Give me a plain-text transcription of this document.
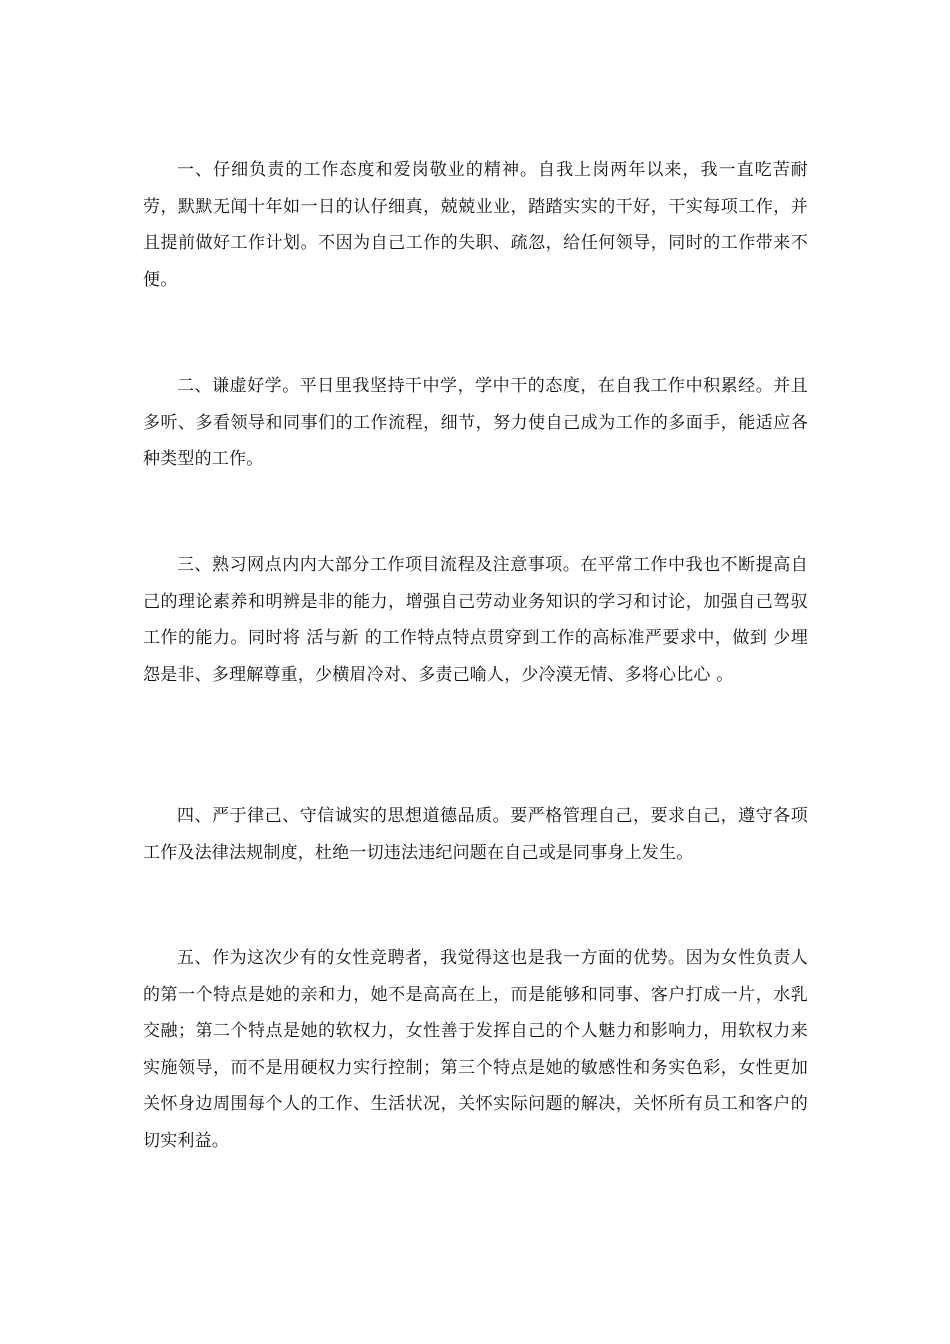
一、仔细负责的工作态度和爱岗敬业的精神。自我上岗两年以来，我一直吃苦耐劳，默默无闻十年如一日的认仔细真，兢兢业业，踏踏实实的干好，干实每项工作，并且提前做好工作计划。不因为自己工作的失职、疏忽，给任何领导，同时的工作带来不便。

二、谦虚好学。平日里我坚持干中学，学中干的态度，在自我工作中积累经。并且多听、多看领导和同事们的工作流程，细节，努力使自己成为工作的多面手，能适应各种类型的工作。

三、熟习网点内内大部分工作项目流程及注意事项。在平常工作中我也不断提高自己的理论素养和明辨是非的能力，增强自己劳动业务知识的学习和讨论，加强自己驾驭工作的能力。同时将 活与新 的工作特点特点贯穿到工作的高标准严要求中，做到 少埋怨是非、多理解尊重，少横眉冷对、多责己喻人，少冷漠无情、多将心比心 。

四、严于律己、守信诚实的思想道德品质。要严格管理自己，要求自己，遵守各项工作及法律法规制度，杜绝一切违法违纪问题在自己或是同事身上发生。

五、作为这次少有的女性竞聘者，我觉得这也是我一方面的优势。因为女性负责人的第一个特点是她的亲和力，她不是高高在上，而是能够和同事、客户打成一片，水乳交融；第二个特点是她的软权力，女性善于发挥自己的个人魅力和影响力，用软权力来实施领导，而不是用硬权力实行控制；第三个特点是她的敏感性和务实色彩，女性更加关怀身边周围每个人的工作、生活状况，关怀实际问题的解决，关怀所有员工和客户的切实利益。
